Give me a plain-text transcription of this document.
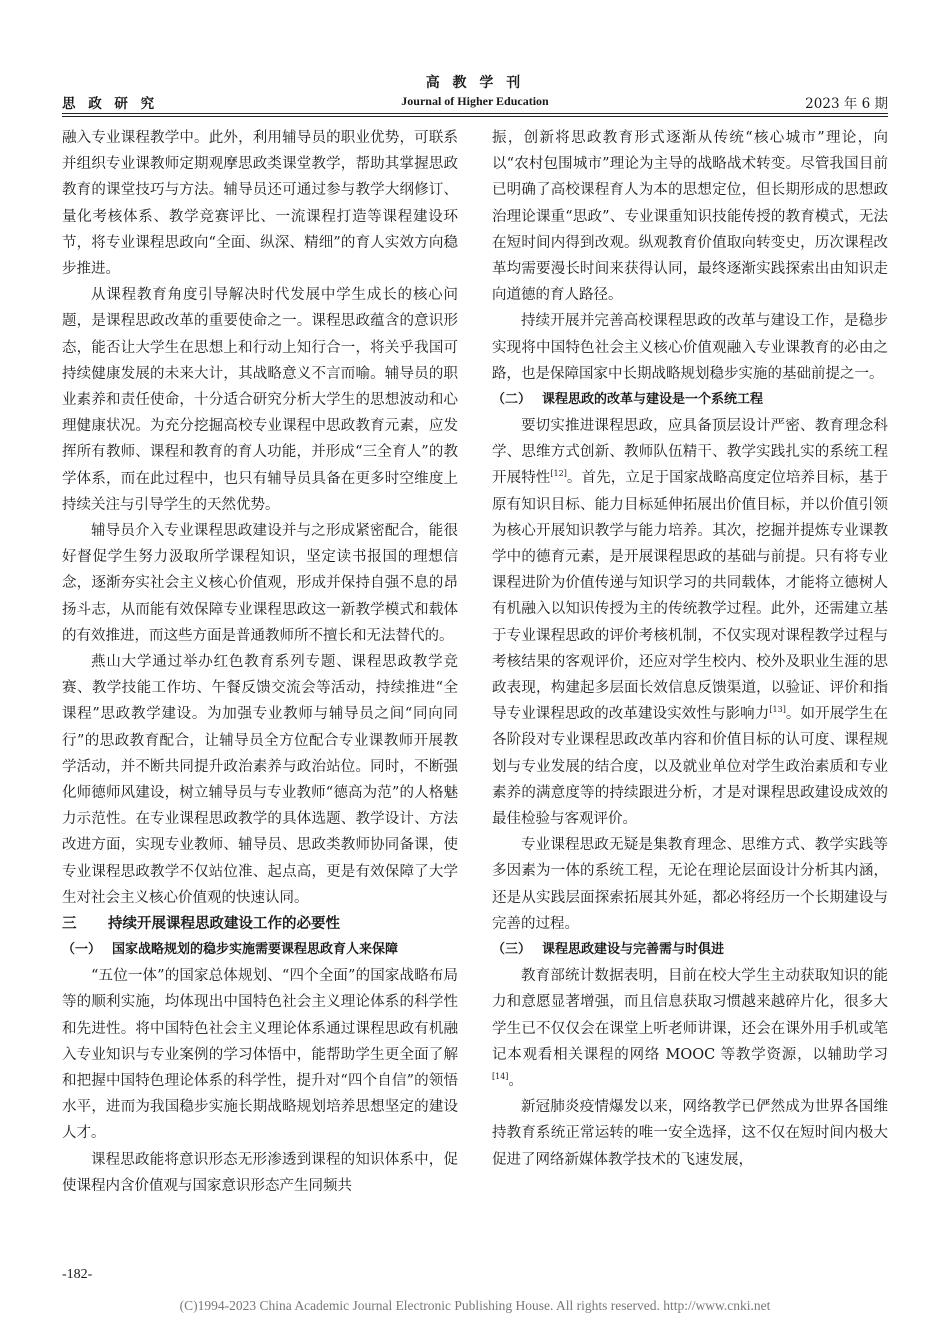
高 教 学 刊
Journal of Higher Education
思 政 研 究	2023 年 6 期

融入专业课程教学中。此外，利用辅导员的职业优势，可联系并组织专业课教师定期观摩思政类课堂教学，帮助其掌握思政教育的课堂技巧与方法。辅导员还可通过参与教学大纲修订、量化考核体系、教学竞赛评比、一流课程打造等课程建设环节，将专业课程思政向“全面、纵深、精细”的育人实效方向稳步推进。

从课程教育角度引导解决时代发展中学生成长的核心问题，是课程思政改革的重要使命之一。课程思政蕴含的意识形态，能否让大学生在思想上和行动上知行合一，将关乎我国可持续健康发展的未来大计，其战略意义不言而喻。辅导员的职业素养和责任使命，十分适合研究分析大学生的思想波动和心理健康状况。为充分挖掘高校专业课程中思政教育元素，应发挥所有教师、课程和教育的育人功能，并形成“三全育人”的教学体系，而在此过程中，也只有辅导员具备在更多时空维度上持续关注与引导学生的天然优势。

辅导员介入专业课程思政建设并与之形成紧密配合，能很好督促学生努力汲取所学课程知识，坚定读书报国的理想信念，逐渐夯实社会主义核心价值观，形成并保持自强不息的昂扬斗志，从而能有效保障专业课程思政这一新教学模式和载体的有效推进，而这些方面是普通教师所不擅长和无法替代的。

燕山大学通过举办红色教育系列专题、课程思政教学竞赛、教学技能工作坊、午餐反馈交流会等活动，持续推进“全课程”思政教学建设。为加强专业教师与辅导员之间“同向同行”的思政教育配合，让辅导员全方位配合专业课教师开展教学活动，并不断共同提升政治素养与政治站位。同时，不断强化师德师风建设，树立辅导员与专业教师“德高为范”的人格魅力示范性。在专业课程思政教学的具体选题、教学设计、方法改进方面，实现专业教师、辅导员、思政类教师协同备课，使专业课程思政教学不仅站位准、起点高，更是有效保障了大学生对社会主义核心价值观的快速认同。

三 持续开展课程思政建设工作的必要性
（一） 国家战略规划的稳步实施需要课程思政育人来保障

“五位一体”的国家总体规划、“四个全面”的国家战略布局等的顺利实施，均体现出中国特色社会主义理论体系的科学性和先进性。将中国特色社会主义理论体系通过课程思政有机融入专业知识与专业案例的学习体悟中，能帮助学生更全面了解和把握中国特色理论体系的科学性，提升对“四个自信”的领悟水平，进而为我国稳步实施长期战略规划培养思想坚定的建设人才。

课程思政能将意识形态无形渗透到课程的知识体系中，促使课程内含价值观与国家意识形态产生同频共

振，创新将思政教育形式逐渐从传统“核心城市”理论，向以“农村包围城市”理论为主导的战略战术转变。尽管我国目前已明确了高校课程育人为本的思想定位，但长期形成的思想政治理论课重“思政”、专业课重知识技能传授的教育模式，无法在短时间内得到改观。纵观教育价值取向转变史，历次课程改革均需要漫长时间来获得认同，最终逐渐实践探索出由知识走向道德的育人路径。

持续开展并完善高校课程思政的改革与建设工作，是稳步实现将中国特色社会主义核心价值观融入专业课教育的必由之路，也是保障国家中长期战略规划稳步实施的基础前提之一。

（二） 课程思政的改革与建设是一个系统工程

要切实推进课程思政，应具备顶层设计严密、教育理念科学、思维方式创新、教师队伍精干、教学实践扎实的系统工程开展特性[12]。首先，立足于国家战略高度定位培养目标，基于原有知识目标、能力目标延伸拓展出价值目标，并以价值引领为核心开展知识教学与能力培养。其次，挖掘并提炼专业课教学中的德育元素，是开展课程思政的基础与前提。只有将专业课程进阶为价值传递与知识学习的共同载体，才能将立德树人有机融入以知识传授为主的传统教学过程。此外，还需建立基于专业课程思政的评价考核机制，不仅实现对课程教学过程与考核结果的客观评价，还应对学生校内、校外及职业生涯的思政表现，构建起多层面长效信息反馈渠道，以验证、评价和指导专业课程思政的改革建设实效性与影响力[13]。如开展学生在各阶段对专业课程思政改革内容和价值目标的认可度、课程规划与专业发展的结合度，以及就业单位对学生政治素质和专业素养的满意度等的持续跟进分析，才是对课程思政建设成效的最佳检验与客观评价。

专业课程思政无疑是集教育理念、思维方式、教学实践等多因素为一体的系统工程，无论在理论层面设计分析其内涵，还是从实践层面探索拓展其外延，都必将经历一个长期建设与完善的过程。

（三） 课程思政建设与完善需与时俱进

教育部统计数据表明，目前在校大学生主动获取知识的能力和意愿显著增强，而且信息获取习惯越来越碎片化，很多大学生已不仅仅会在课堂上听老师讲课，还会在课外用手机或笔记本观看相关课程的网络 MOOC 等教学资源，以辅助学习[14]。

新冠肺炎疫情爆发以来，网络教学已俨然成为世界各国维持教育系统正常运转的唯一安全选择，这不仅在短时间内极大促进了网络新媒体教学技术的飞速发展，

-182-
(C)1994-2023 China Academic Journal Electronic Publishing House. All rights reserved. http://www.cnki.net
